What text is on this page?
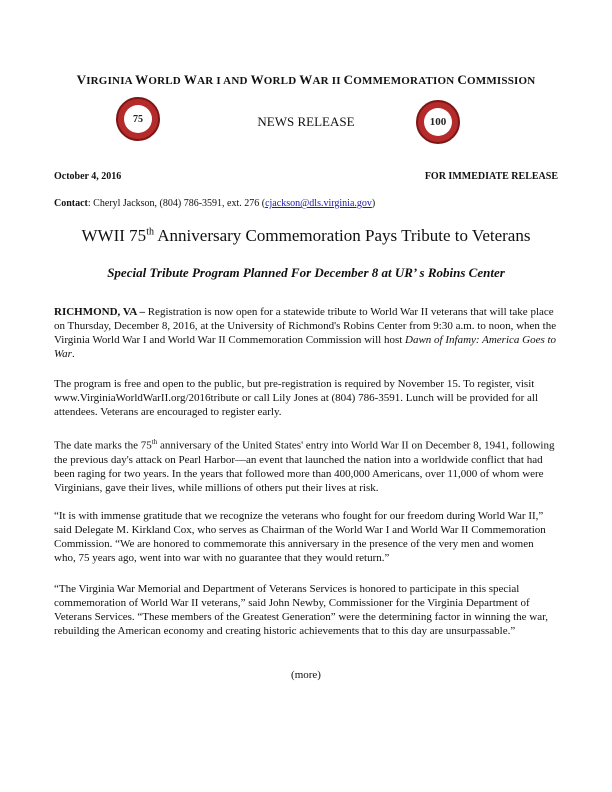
VIRGINIA WORLD WAR I AND WORLD WAR II COMMEMORATION COMMISSION
75	NEWS RELEASE	100
October 4, 2016	FOR IMMEDIATE RELEASE
Contact: Cheryl Jackson, (804) 786-3591, ext. 276 (cjackson@dls.virginia.gov)
WWII 75th Anniversary Commemoration Pays Tribute to Veterans
Special Tribute Program Planned For December 8 at UR’ s Robins Center

RICHMOND, VA – Registration is now open for a statewide tribute to World War II veterans that will take place on Thursday, December 8, 2016, at the University of Richmond's Robins Center from 9:30 a.m. to noon, when the Virginia World War I and World War II Commemoration Commission will host Dawn of Infamy: America Goes to War.

The program is free and open to the public, but pre-registration is required by November 15. To register, visit www.VirginiaWorldWarII.org/2016tribute or call Lily Jones at (804) 786-3591. Lunch will be provided for all attendees. Veterans are encouraged to register early.

The date marks the 75th anniversary of the United States' entry into World War II on December 8, 1941, following the previous day's attack on Pearl Harbor—an event that launched the nation into a worldwide conflict that had been raging for two years. In the years that followed more than 400,000 Americans, over 11,000 of whom were Virginians, gave their lives, while millions of others put their lives at risk.

“It is with immense gratitude that we recognize the veterans who fought for our freedom during World War II,” said Delegate M. Kirkland Cox, who serves as Chairman of the World War I and World War II Commemoration Commission. “We are honored to commemorate this anniversary in the presence of the very men and women who, 75 years ago, went into war with no guarantee that they would return.”

“The Virginia War Memorial and Department of Veterans Services is honored to participate in this special commemoration of World War II veterans,” said John Newby, Commissioner for the Virginia Department of Veterans Services. “These members of the Greatest Generation” were the determining factor in winning the war, rebuilding the American economy and creating historic achievements that to this day are unsurpassable.”

(more)
